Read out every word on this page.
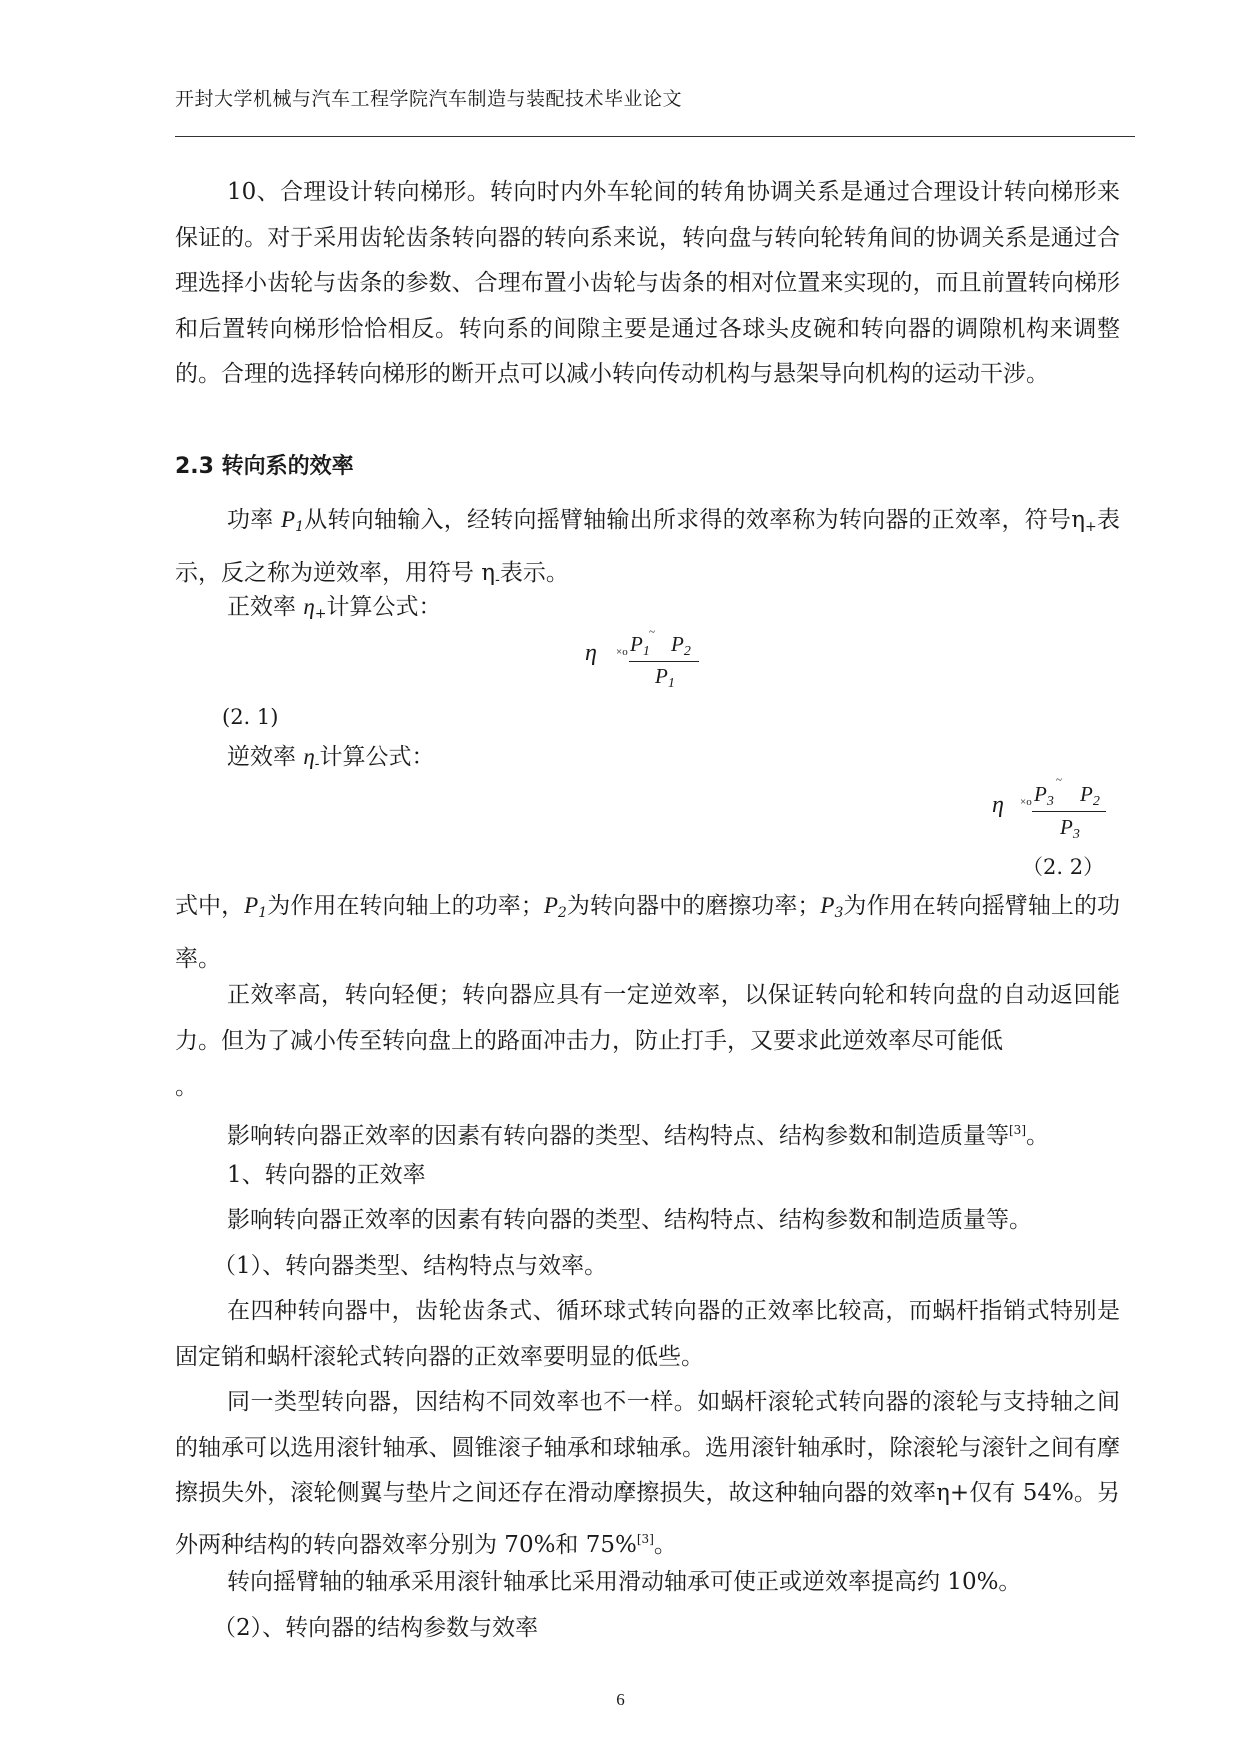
开封大学机械与汽车工程学院汽车制造与装配技术毕业论文

10、合理设计转向梯形。转向时内外车轮间的转角协调关系是通过合理设计转向梯形来保证的。对于采用齿轮齿条转向器的转向系来说，转向盘与转向轮转角间的协调关系是通过合理选择小齿轮与齿条的参数、合理布置小齿轮与齿条的相对位置来实现的，而且前置转向梯形和后置转向梯形恰恰相反。转向系的间隙主要是通过各球头皮碗和转向器的调隙机构来调整的。合理的选择转向梯形的断开点可以减小转向传动机构与悬架导向机构的运动干涉。

2.3 转向系的效率

功率 $P_1$从转向轴输入，经转向摇臂轴输出所求得的效率称为转向器的正效率，符号$\eta_+$表示，反之称为逆效率，用符号 $\eta_-$表示。

正效率 $\eta_+$计算公式：
η ×o
~
$P_1$ $P_2$
$P_1$
(2. 1)
逆效率 $\eta_-$计算公式：
η ×o
~
$P_3$ $P_2$
$P_3$
（2. 2）

式中，$P_1$为作用在转向轴上的功率；$P_2$为转向器中的磨擦功率；$P_3$为作用在转向摇臂轴上的功率。

正效率高，转向轻便；转向器应具有一定逆效率，以保证转向轮和转向盘的自动返回能力。但为了减小传至转向盘上的路面冲击力，防止打手，又要求此逆效率尽可能低

。

影响转向器正效率的因素有转向器的类型、结构特点、结构参数和制造质量等[3]。

1、转向器的正效率

影响转向器正效率的因素有转向器的类型、结构特点、结构参数和制造质量等。

（1）、转向器类型、结构特点与效率。

在四种转向器中，齿轮齿条式、循环球式转向器的正效率比较高，而蜗杆指销式特别是固定销和蜗杆滚轮式转向器的正效率要明显的低些。

同一类型转向器，因结构不同效率也不一样。如蜗杆滚轮式转向器的滚轮与支持轴之间的轴承可以选用滚针轴承、圆锥滚子轴承和球轴承。选用滚针轴承时，除滚轮与滚针之间有摩擦损失外，滚轮侧翼与垫片之间还存在滑动摩擦损失，故这种轴向器的效率η+仅有 54%。另外两种结构的转向器效率分别为 70%和 75%[3]。

转向摇臂轴的轴承采用滚针轴承比采用滑动轴承可使正或逆效率提高约 10%。

（2）、转向器的结构参数与效率

6
